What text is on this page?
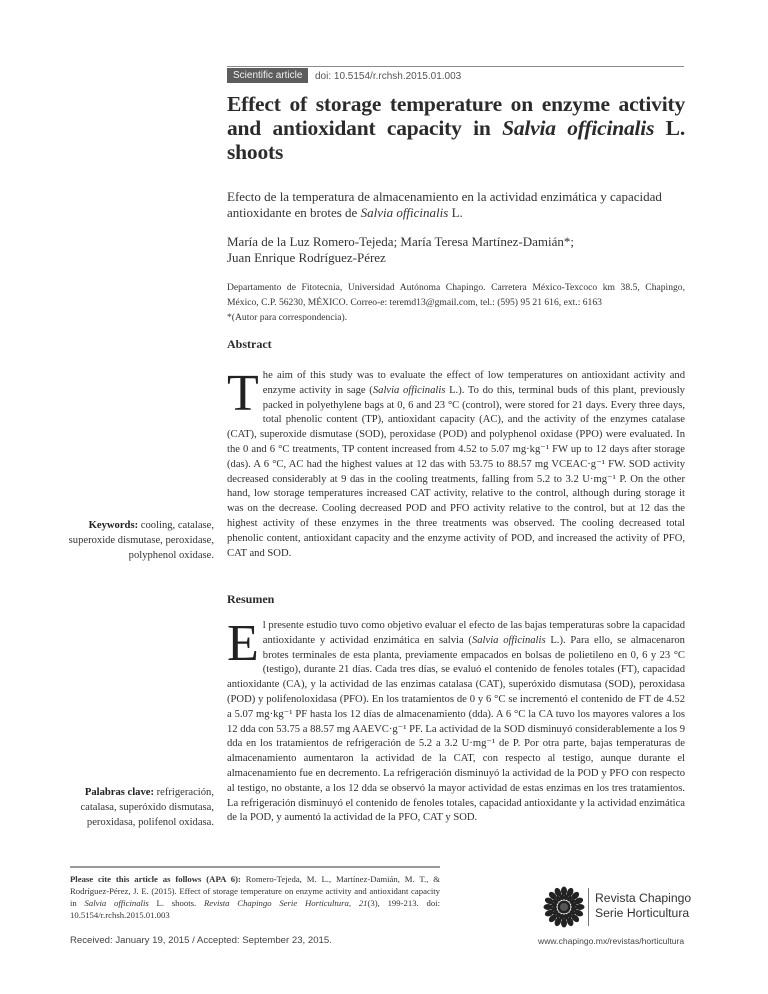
Scientific article	doi: 10.5154/r.rchsh.2015.01.003
Effect of storage temperature on enzyme activity and antioxidant capacity in Salvia officinalis L. shoots
Efecto de la temperatura de almacenamiento en la actividad enzimática y capacidad antioxidante en brotes de Salvia officinalis L.
María de la Luz Romero-Tejeda; María Teresa Martínez-Damián*;
Juan Enrique Rodríguez-Pérez
Departamento de Fitotecnia, Universidad Autónoma Chapingo. Carretera México-Texcoco km 38.5, Chapingo, México, C.P. 56230, MÉXICO. Correo-e: teremd13@gmail.com, tel.: (595) 95 21 616, ext.: 6163
*(Autor para correspondencia).
Abstract
The aim of this study was to evaluate the effect of low temperatures on antioxidant activity and enzyme activity in sage (Salvia officinalis L.). To do this, terminal buds of this plant, previously packed in polyethylene bags at 0, 6 and 23 °C (control), were stored for 21 days. Every three days, total phenolic content (TP), antioxidant capacity (AC), and the activity of the enzymes catalase (CAT), superoxide dismutase (SOD), peroxidase (POD) and polyphenol oxidase (PPO) were evaluated. In the 0 and 6 °C treatments, TP content increased from 4.52 to 5.07 mg·kg⁻¹ FW up to 12 days after storage (das). A 6 °C, AC had the highest values at 12 das with 53.75 to 88.57 mg VCEAC·g⁻¹ FW. SOD activity decreased considerably at 9 das in the cooling treatments, falling from 5.2 to 3.2 U·mg⁻¹ P. On the other hand, low storage temperatures increased CAT activity, relative to the control, although during storage it was on the decrease. Cooling decreased POD and PFO activity relative to the control, but at 12 das the highest activity of these enzymes in the three treatments was observed. The cooling decreased total phenolic content, antioxidant capacity and the enzyme activity of POD, and increased the activity of PFO, CAT and SOD.
Keywords: cooling, catalase, superoxide dismutase, peroxidase, polyphenol oxidase.
Resumen
El presente estudio tuvo como objetivo evaluar el efecto de las bajas temperaturas sobre la capacidad antioxidante y actividad enzimática en salvia (Salvia officinalis L.). Para ello, se almacenaron brotes terminales de esta planta, previamente empacados en bolsas de polietileno en 0, 6 y 23 °C (testigo), durante 21 días. Cada tres días, se evaluó el contenido de fenoles totales (FT), capacidad antioxidante (CA), y la actividad de las enzimas catalasa (CAT), superóxido dismutasa (SOD), peroxidasa (POD) y polifenoloxidasa (PFO). En los tratamientos de 0 y 6 °C se incrementó el contenido de FT de 4.52 a 5.07 mg·kg⁻¹ PF hasta los 12 días de almacenamiento (dda). A 6 °C la CA tuvo los mayores valores a los 12 dda con 53.75 a 88.57 mg AAEVC·g⁻¹ PF. La actividad de la SOD disminuyó considerablemente a los 9 dda en los tratamientos de refrigeración de 5.2 a 3.2 U·mg⁻¹ de P. Por otra parte, bajas temperaturas de almacenamiento aumentaron la actividad de la CAT, con respecto al testigo, aunque durante el almacenamiento fue en decremento. La refrigeración disminuyó la actividad de la POD y PFO con respecto al testigo, no obstante, a los 12 dda se observó la mayor actividad de estas enzimas en los tres tratamientos. La refrigeración disminuyó el contenido de fenoles totales, capacidad antioxidante y la actividad enzimática de la POD, y aumentó la actividad de la PFO, CAT y SOD.
Palabras clave: refrigeración, catalasa, superóxido dismutasa, peroxidasa, polifenol oxidasa.
Please cite this article as follows (APA 6): Romero-Tejeda, M. L., Martínez-Damián, M. T., & Rodríguez-Pérez, J. E. (2015). Effect of storage temperature on enzyme activity and antioxidant capacity in Salvia officinalis L. shoots. Revista Chapingo Serie Horticultura, 21(3), 199-213. doi: 10.5154/r.rchsh.2015.01.003
Received: January 19, 2015 / Accepted: September 23, 2015.
Revista Chapingo
Serie Horticultura
www.chapingo.mx/revistas/horticultura
